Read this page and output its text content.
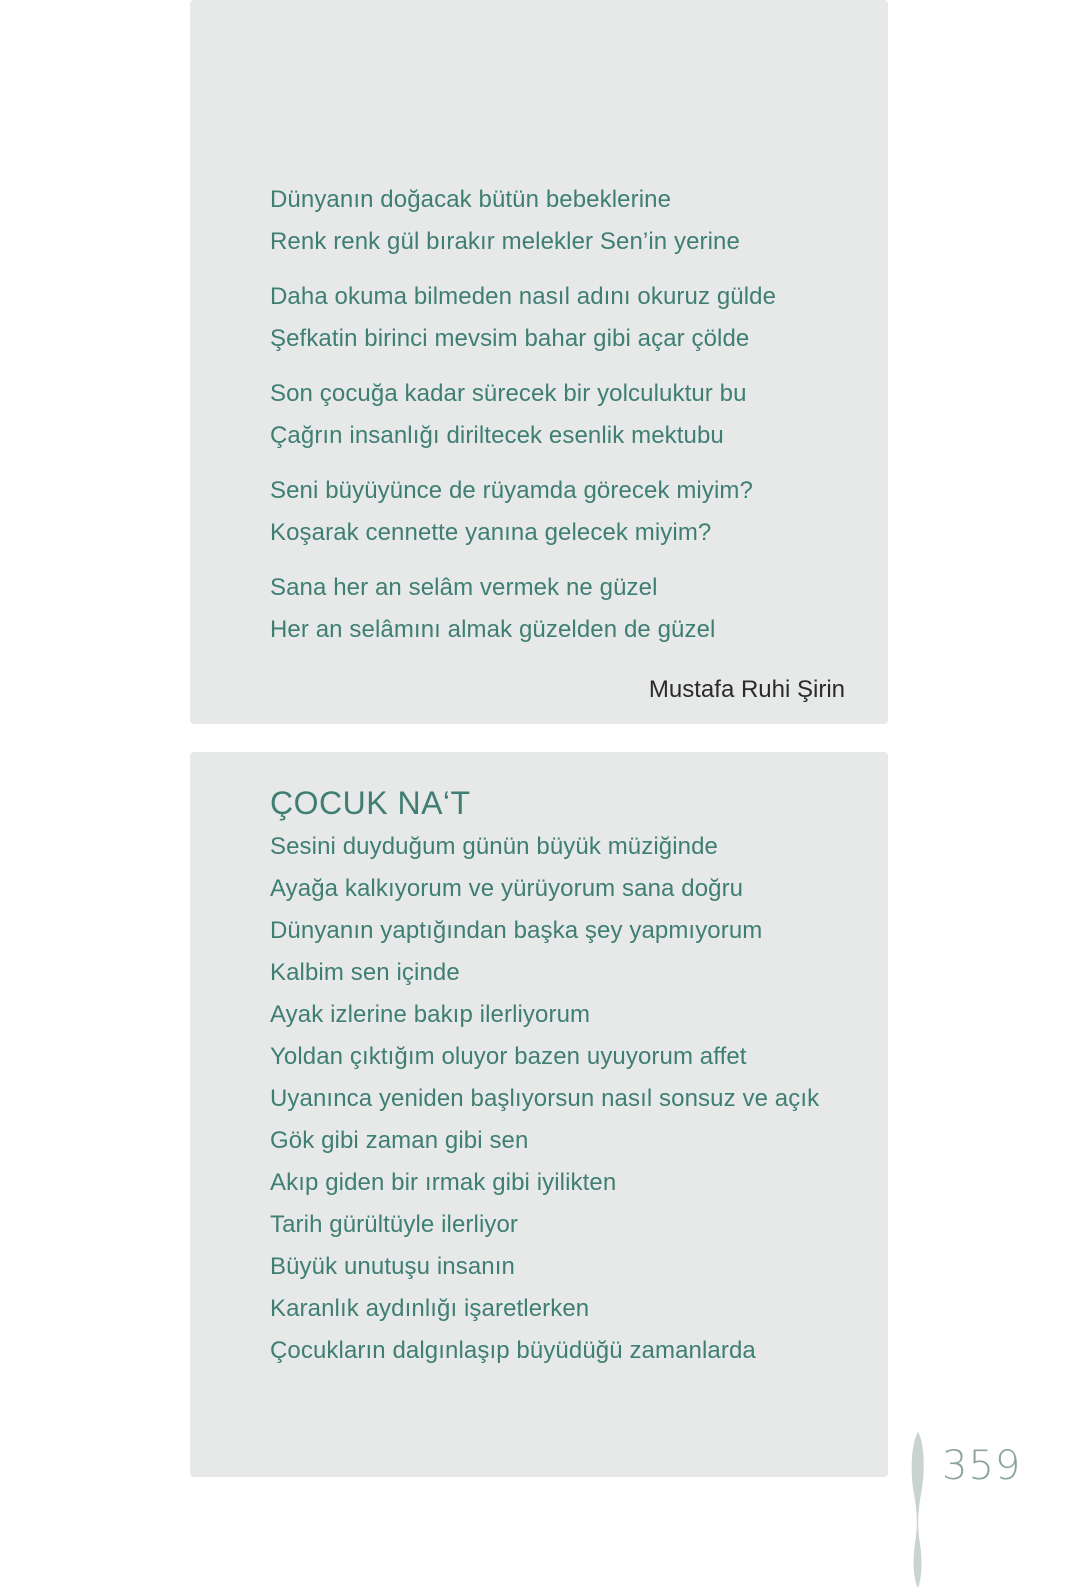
Dünyanın doğacak bütün bebeklerine
Renk renk gül bırakır melekler Sen’in yerine

Daha okuma bilmeden nasıl adını okuruz gülde
Şefkatin birinci mevsim bahar gibi açar çölde

Son çocuğa kadar sürecek bir yolculuktur bu
Çağrın insanlığı diriltecek esenlik mektubu

Seni büyüyünce de rüyamda görecek miyim?
Koşarak cennette yanına gelecek miyim?

Sana her an selâm vermek ne güzel
Her an selâmını almak güzelden de güzel

Mustafa Ruhi Şirin
ÇOCUK NA‘T
Sesini duyduğum günün büyük müziğinde
Ayağa kalkıyorum ve yürüyorum sana doğru
Dünyanın yaptığından başka şey yapmıyorum
Kalbim sen içinde
Ayak izlerine bakıp ilerliyorum
Yoldan çıktığım oluyor bazen uyuyorum affet
Uyanınca yeniden başlıyorsun nasıl sonsuz ve açık
Gök gibi zaman gibi sen
Akıp giden bir ırmak gibi iyilikten
Tarih gürültüyle ilerliyor
Büyük unutuşu insanın
Karanlık aydınlığı işaretlerken
Çocukların dalgınlaşıp büyüdüğü zamanlarda
359
